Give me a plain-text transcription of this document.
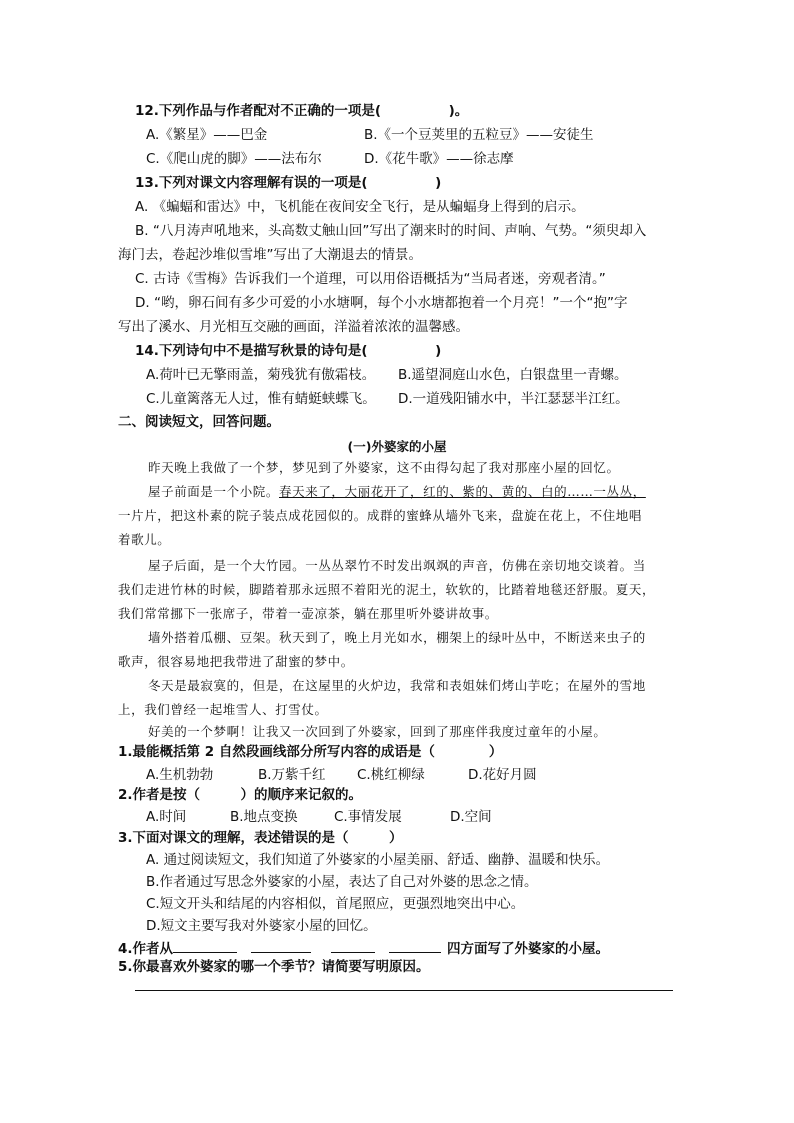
12.下列作品与作者配对不正确的一项是(　　　　　)。
A.《繁星》——巴金	B.《一个豆荚里的五粒豆》——安徒生
C.《爬山虎的脚》——法布尔	D.《花牛歌》——徐志摩
13.下列对课文内容理解有误的一项是(　　　　　)
A. 《蝙蝠和雷达》中，飞机能在夜间安全飞行，是从蝙蝠身上得到的启示。
B. “八月涛声吼地来，头高数丈触山回”写出了潮来时的时间、声响、气势。“须臾却入
海门去，卷起沙堆似雪堆”写出了大潮退去的情景。
C. 古诗《雪梅》告诉我们一个道理，可以用俗语概括为“当局者迷，旁观者清。”
D. “哟，卵石间有多少可爱的小水塘啊，每个小水塘都抱着一个月亮！”一个“抱”字
写出了溪水、月光相互交融的画面，洋溢着浓浓的温馨感。
14.下列诗句中不是描写秋景的诗句是(　　　　　)
A.荷叶已无擎雨盖，菊残犹有傲霜枝。 B.遥望洞庭山水色，白银盘里一青螺。
C.儿童篱落无人过，惟有蜻蜓蛱蝶飞。 D.一道残阳铺水中，半江瑟瑟半江红。
二、阅读短文，回答问题。
(一)外婆家的小屋
昨天晚上我做了一个梦，梦见到了外婆家，这不由得勾起了我对那座小屋的回忆。
屋子前面是一个小院。春天来了，大丽花开了，红的、紫的、黄的、白的……一丛丛，
一片片，把这朴素的院子装点成花园似的。成群的蜜蜂从墙外飞来，盘旋在花上，不住地唱
着歌儿。
屋子后面，是一个大竹园。一丛丛翠竹不时发出飒飒的声音，仿佛在亲切地交谈着。当
我们走进竹林的时候，脚踏着那永远照不着阳光的泥土，软软的，比踏着地毯还舒服。夏天，
我们常常挪下一张席子，带着一壶凉茶，躺在那里听外婆讲故事。
墙外搭着瓜棚、豆架。秋天到了，晚上月光如水，棚架上的绿叶丛中，不断送来虫子的
歌声，很容易地把我带进了甜蜜的梦中。
冬天是最寂寞的，但是，在这屋里的火炉边，我常和表姐妹们烤山芋吃；在屋外的雪地
上，我们曾经一起堆雪人、打雪仗。
好美的一个梦啊！让我又一次回到了外婆家，回到了那座伴我度过童年的小屋。
1.最能概括第 2 自然段画线部分所写内容的成语是（　　　　）
A.生机勃勃	B.万紫千红 C.桃红柳绿	D.花好月圆
2.作者是按（　　　）的顺序来记叙的。
A.时间	B.地点变换	C.事情发展	D.空间
3.下面对课文的理解，表述错误的是（　　　）
A. 通过阅读短文，我们知道了外婆家的小屋美丽、舒适、幽静、温暖和快乐。
B.作者通过写思念外婆家的小屋，表达了自己对外婆的思念之情。
C.短文开头和结尾的内容相似，首尾照应，更强烈地突出中心。
D.短文主要写我对外婆家小屋的回忆。
4.作者从	四方面写了外婆家的小屋。
5.你最喜欢外婆家的哪一个季节？请简要写明原因。
